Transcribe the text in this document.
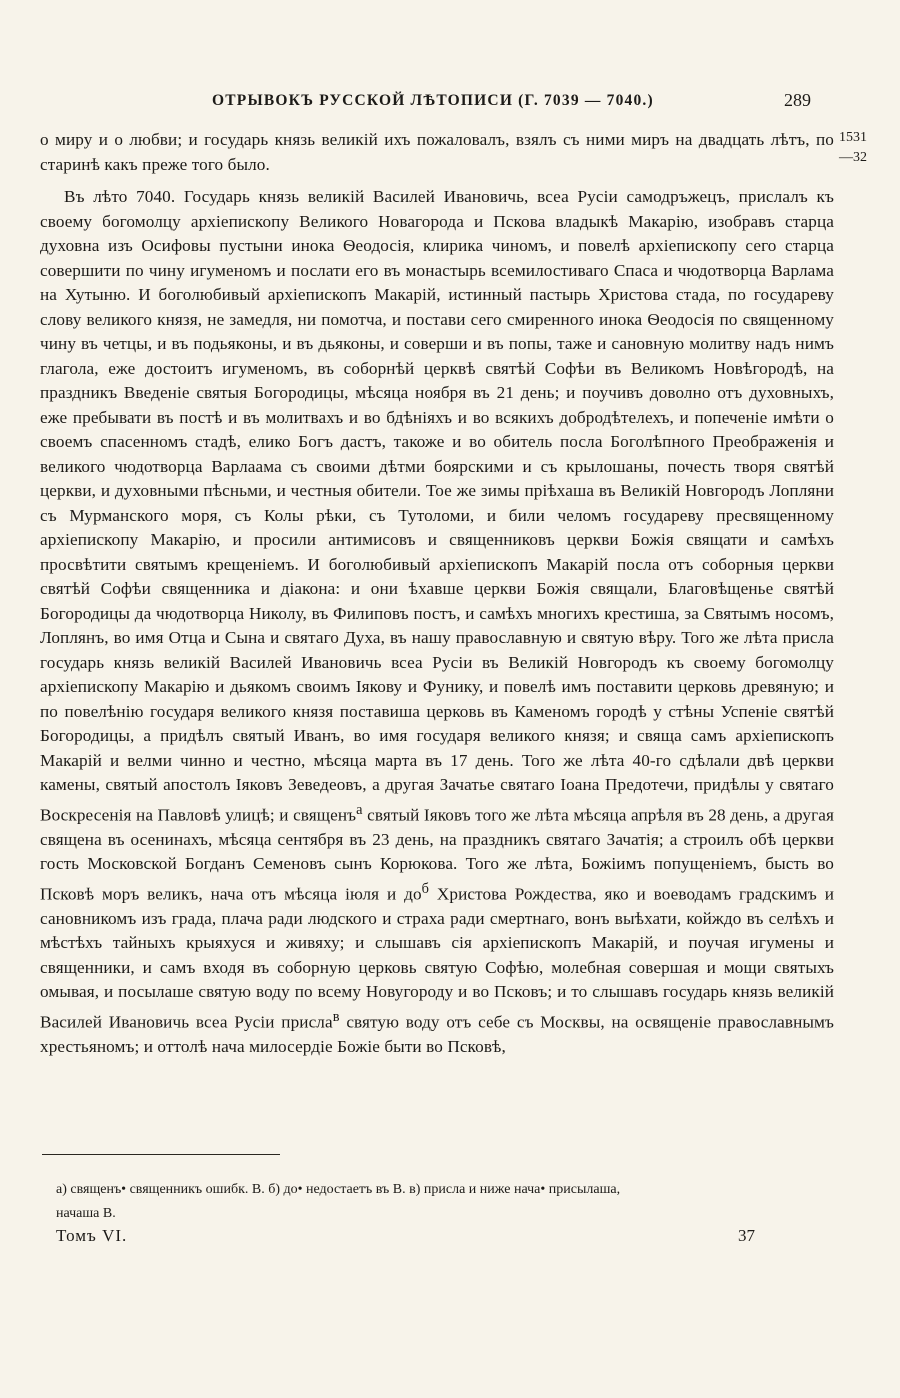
ОТРЫВОКЪ РУССКОЙ ЛѢТОПИСИ (Г. 7039 — 7040.)	289
1531
—32

о миру и о любви; и государь князь великій ихъ пожаловалъ, взялъ съ ними миръ на двадцать лѣтъ, по старинѣ какъ преже того было.

Въ лѣто 7040. Государь князь великій Василей Ивановичь, всеа Русіи самодръжецъ, прислалъ къ своему богомолцу архіепископу Великого Новагорода и Пскова владыкѣ Макарію, изобравъ старца духовна изъ Осифовы пустыни инока Ѳеодосія, клирика чиномъ, и повелѣ архіепископу сего старца совершити по чину игуменомъ и послати его въ монастырь всемилостиваго Спаса и чюдотворца Варлама на Хутыню. И боголюбивый архіепископъ Макарій, истинный пастырь Христова стада, по государеву слову великого князя, не замедля, ни помотча, и постави сего смиренного инока Ѳеодосія по священному чину въ четцы, и въ подьяконы, и въ дьяконы, и соверши и въ попы, таже и сановную молитву надъ нимъ глагола, еже достоитъ игуменомъ, въ соборнѣй церквѣ святѣй Софѣи въ Великомъ Новѣгородѣ, на праздникъ Введеніе святыя Богородицы, мѣсяца ноября въ 21 день; и поучивъ доволно отъ духовныхъ, еже пребывати въ постѣ и въ молитвахъ и во бдѣніяхъ и во всякихъ добродѣтелехъ, и попеченіе имѣти о своемъ спасенномъ стадѣ, елико Богъ дастъ, такоже и во обитель посла Боголѣпного Преображенія и великого чюдотворца Варлаама съ своими дѣтми боярскими и съ крылошаны, почесть творя святѣй церкви, и духовными пѣсньми, и честныя обители. Тое же зимы пріѣхаша въ Великій Новгородъ Лопляни съ Мурманского моря, съ Колы рѣки, съ Тутоломи, и били челомъ государеву пресвященному архіепископу Макарію, и просили антимисовъ и священниковъ церкви Божія свящати и самѣхъ просвѣтити святымъ крещеніемъ. И боголюбивый архіепископъ Макарій посла отъ соборныя церкви святѣй Софѣи священника и діакона: и они ѣхавше церкви Божія свящали, Благовѣщенье святѣй Богородицы да чюдотворца Николу, въ Филиповъ постъ, и самѣхъ многихъ крестиша, за Святымъ носомъ, Лоплянъ, во имя Отца и Сына и святаго Духа, въ нашу православную и святую вѣру. Того же лѣта присла государь князь великій Василей Ивановичь всеа Русіи въ Великій Новгородъ къ своему богомолцу архіепископу Макарію и дьякомъ своимъ Іякову и Фунику, и повелѣ имъ поставити церковь древяную; и по повелѣнію государя великого князя поставиша церковь въ Каменомъ городѣ у стѣны Успеніе святѣй Богородицы, а придѣлъ святый Иванъ, во имя государя великого князя; и свяща самъ архіепископъ Макарій и велми чинно и честно, мѣсяца марта въ 17 день. Того же лѣта 40-го сдѣлали двѣ церкви камены, святый апостолъ Іяковъ Зеведеовъ, а другая Зачатье святаго Іоана Предотечи, придѣлы у святаго Воскресенія на Павловѣ улицѣ; и священъ$^а$ святый Іяковъ того же лѣта мѣсяца апрѣля въ 28 день, а другая священа въ осенинахъ, мѣсяца сентября въ 23 день, на праздникъ святаго Зачатія; а строилъ обѣ церкви гость Московской Богданъ Семеновъ сынъ Корюкова. Того же лѣта, Божіимъ попущеніемъ, бысть во Псковѣ моръ великъ, нача отъ мѣсяца іюля и $до^б$ Христова Рождества, яко и воеводамъ градскимъ и сановникомъ изъ града, плача ради людского и страха ради смертнаго, вонъ выѣхати, койждо въ селѣхъ и мѣстѣхъ тайныхъ крыяхуся и живяху; и слышавъ сія архіепископъ Макарій, и поучая игумены и священники, и самъ входя въ соборную церковь святую Софѣю, молебная совершая и мощи святыхъ омывая, и посылаше святую воду по всему Новугороду и во Псковъ; и то слышавъ государь князь великій Василей Ивановичь всеа Русіи присла$^в$ святую воду отъ себе съ Москвы, на освященіе православнымъ хрестьяномъ; и оттолѣ нача милосердіе Божіе быти во Псковѣ,

а) священъ• священникъ ошибк. В. б) до• недостаетъ въ В. в) присла и ниже нача• присылаша,
начаша В.
Томъ VI.	37
